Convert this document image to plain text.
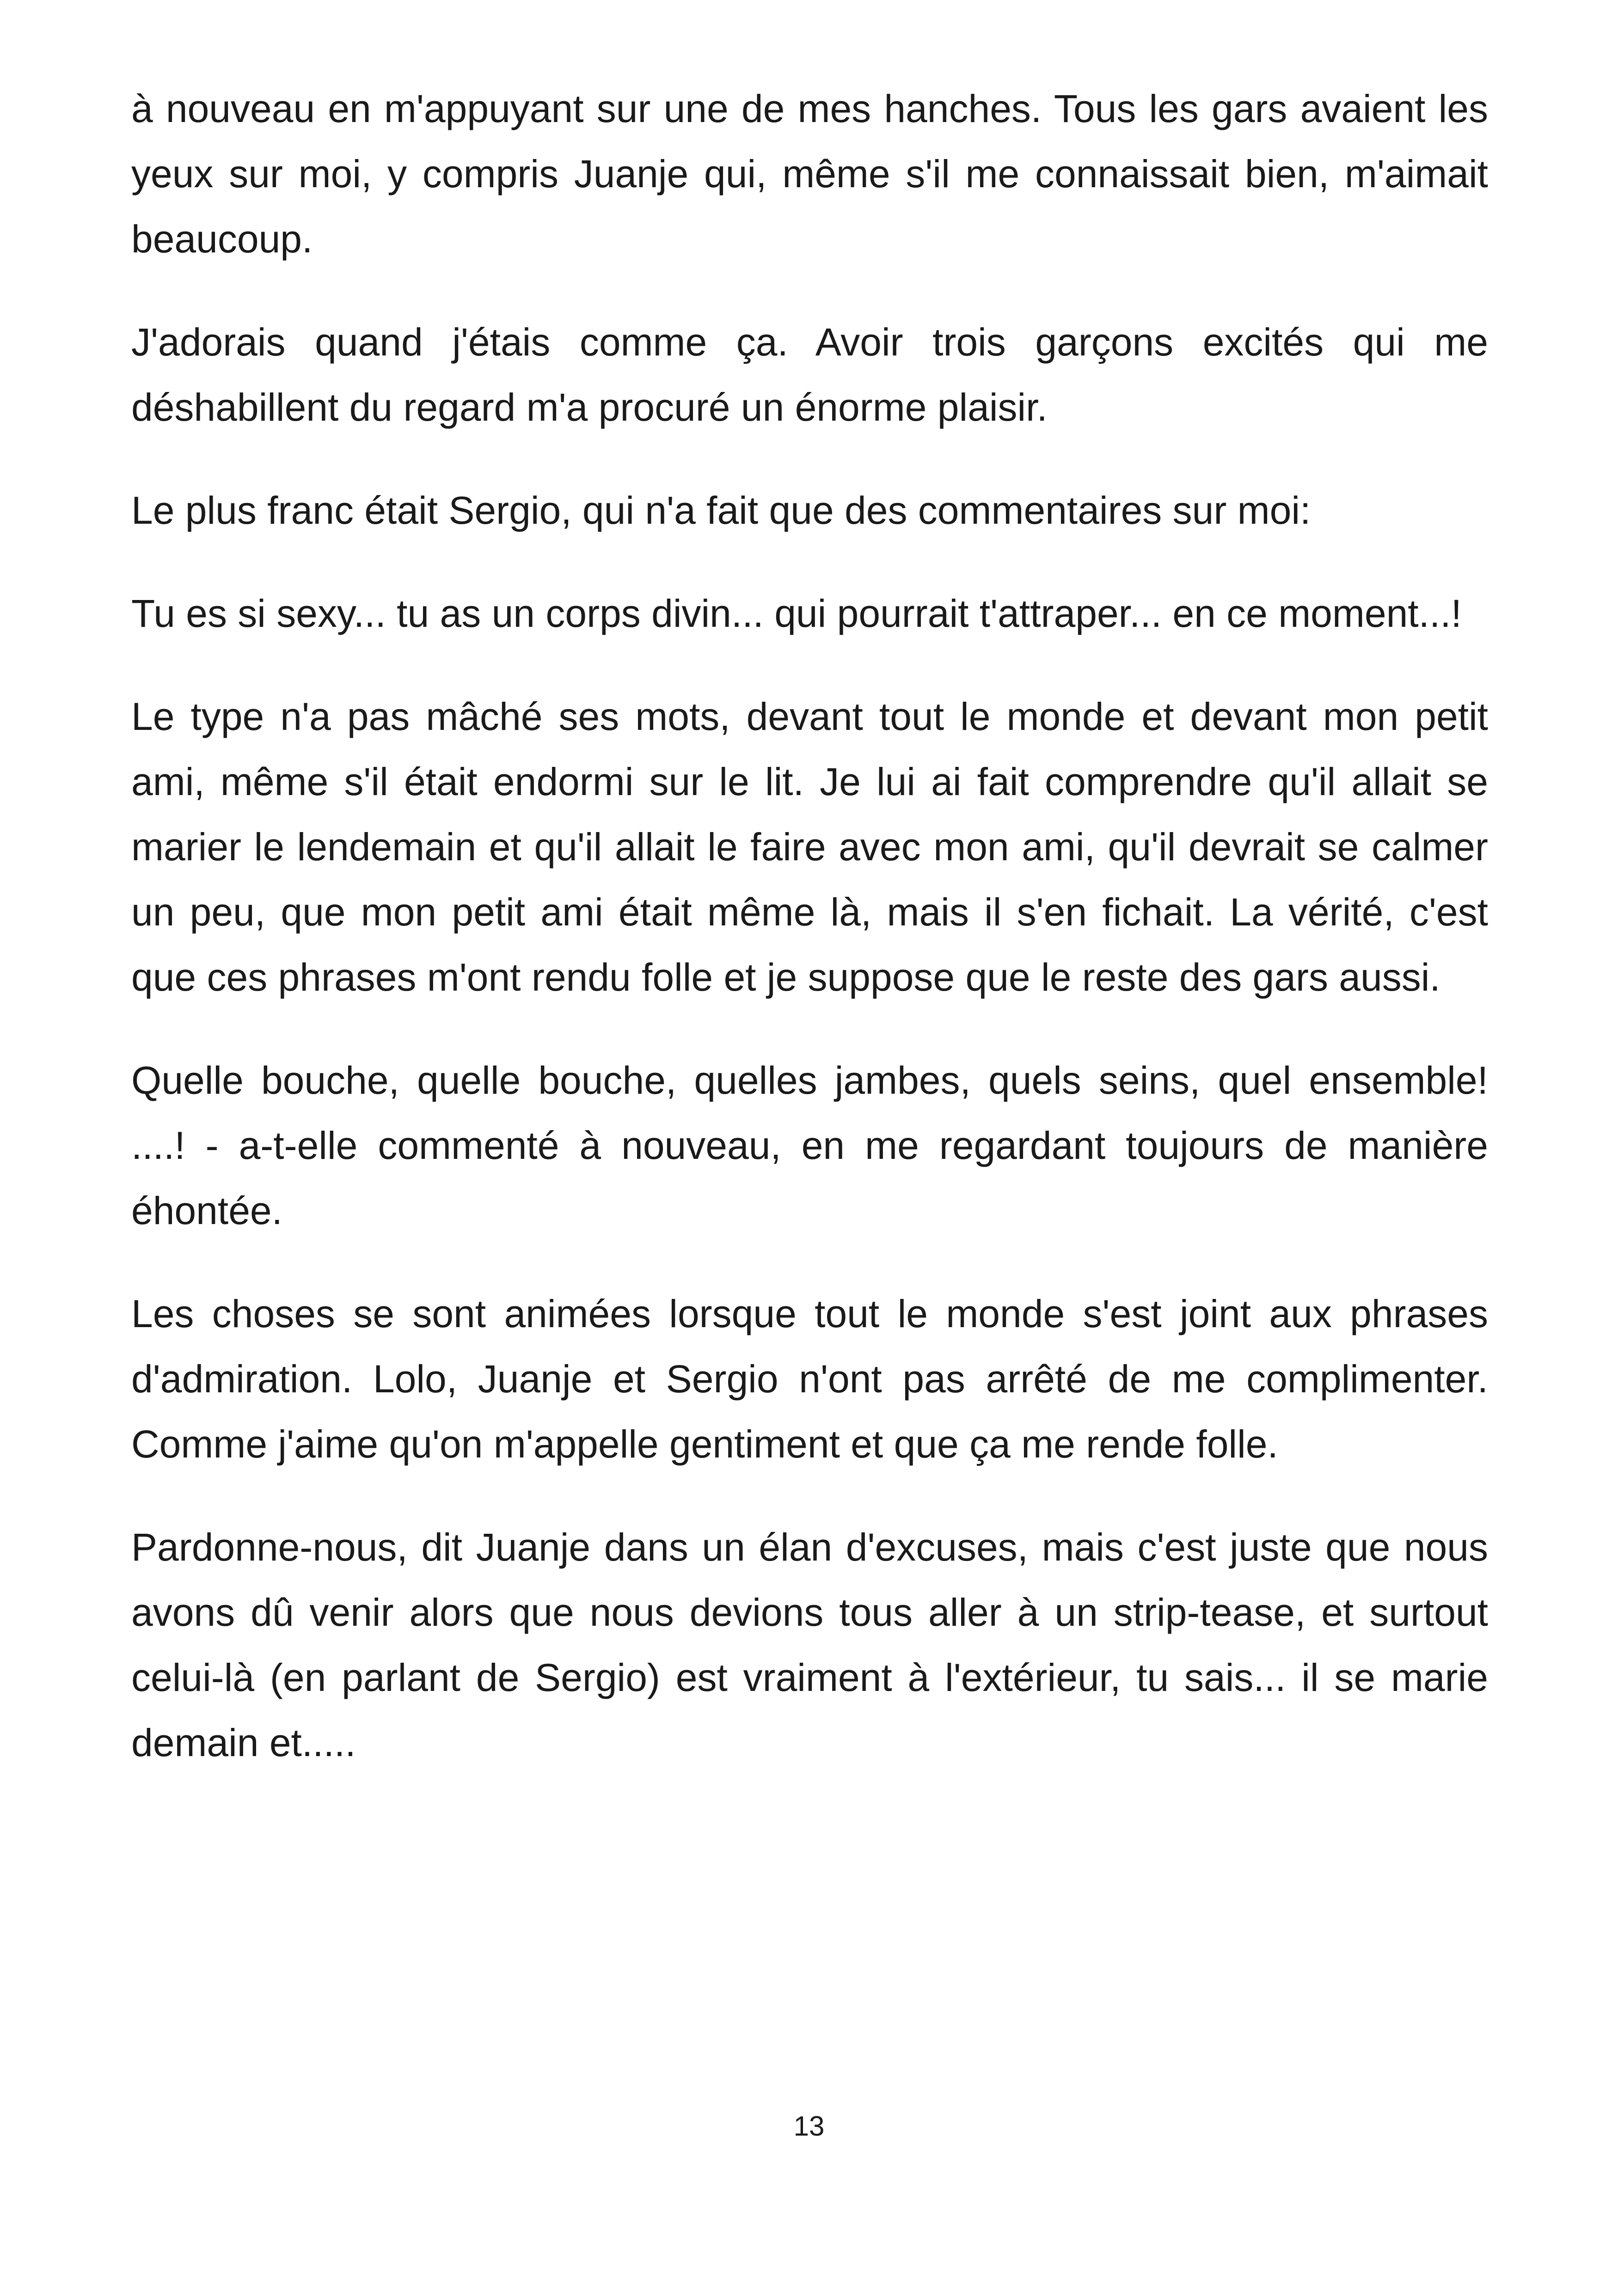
à nouveau en m'appuyant sur une de mes hanches. Tous les gars avaient les yeux sur moi, y compris Juanje qui, même s'il me connaissait bien, m'aimait beaucoup.

J'adorais quand j'étais comme ça. Avoir trois garçons excités qui me déshabillent du regard m'a procuré un énorme plaisir.

Le plus franc était Sergio, qui n'a fait que des commentaires sur moi:

Tu es si sexy... tu as un corps divin... qui pourrait t'attraper... en ce moment...!

Le type n'a pas mâché ses mots, devant tout le monde et devant mon petit ami, même s'il était endormi sur le lit. Je lui ai fait comprendre qu'il allait se marier le lendemain et qu'il allait le faire avec mon ami, qu'il devrait se calmer un peu, que mon petit ami était même là, mais il s'en fichait. La vérité, c'est que ces phrases m'ont rendu folle et je suppose que le reste des gars aussi.

Quelle bouche, quelle bouche, quelles jambes, quels seins, quel ensemble! ....! - a-t-elle commenté à nouveau, en me regardant toujours de manière éhontée.

Les choses se sont animées lorsque tout le monde s'est joint aux phrases d'admiration. Lolo, Juanje et Sergio n'ont pas arrêté de me complimenter. Comme j'aime qu'on m'appelle gentiment et que ça me rende folle.

Pardonne-nous, dit Juanje dans un élan d'excuses, mais c'est juste que nous avons dû venir alors que nous devions tous aller à un strip-tease, et surtout celui-là (en parlant de Sergio) est vraiment à l'extérieur, tu sais... il se marie demain et.....

13
